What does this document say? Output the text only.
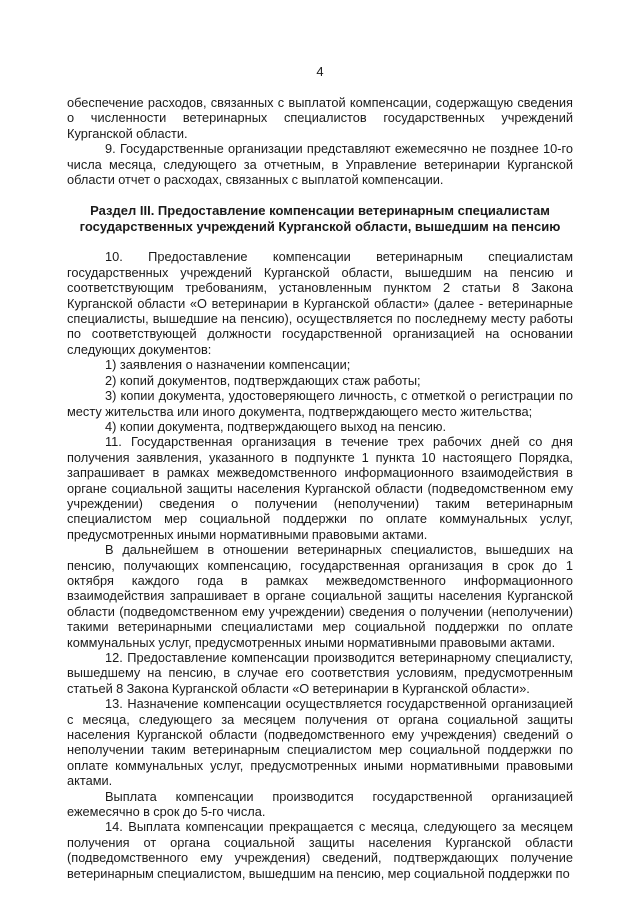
4

обеспечение расходов, связанных с выплатой компенсации, содержащую сведения о численности ветеринарных специалистов государственных учреждений Курганской области.

9. Государственные организации представляют ежемесячно не позднее 10-го числа месяца, следующего за отчетным, в Управление ветеринарии Курганской области отчет о расходах, связанных с выплатой компенсации.

Раздел III. Предоставление компенсации ветеринарным специалистам государственных учреждений Курганской области, вышедшим на пенсию

10. Предоставление компенсации ветеринарным специалистам государственных учреждений Курганской области, вышедшим на пенсию и соответствующим требованиям, установленным пунктом 2 статьи 8 Закона Курганской области «О ветеринарии в Курганской области» (далее - ветеринарные специалисты, вышедшие на пенсию), осуществляется по последнему месту работы по соответствующей должности государственной организацией на основании следующих документов:

1) заявления о назначении компенсации;

2) копий документов, подтверждающих стаж работы;

3) копии документа, удостоверяющего личность, с отметкой о регистрации по месту жительства или иного документа, подтверждающего место жительства;

4) копии документа, подтверждающего выход на пенсию.

11. Государственная организация в течение трех рабочих дней со дня получения заявления, указанного в подпункте 1 пункта 10 настоящего Порядка, запрашивает в рамках межведомственного информационного взаимодействия в органе социальной защиты населения Курганской области (подведомственном ему учреждении) сведения о получении (неполучении) таким ветеринарным специалистом мер социальной поддержки по оплате коммунальных услуг, предусмотренных иными нормативными правовыми актами.

В дальнейшем в отношении ветеринарных специалистов, вышедших на пенсию, получающих компенсацию, государственная организация в срок до 1 октября каждого года в рамках межведомственного информационного взаимодействия запрашивает в органе социальной защиты населения Курганской области (подведомственном ему учреждении) сведения о получении (неполучении) такими ветеринарными специалистами мер социальной поддержки по оплате коммунальных услуг, предусмотренных иными нормативными правовыми актами.

12. Предоставление компенсации производится ветеринарному специалисту, вышедшему на пенсию, в случае его соответствия условиям, предусмотренным статьей 8 Закона Курганской области «О ветеринарии в Курганской области».

13. Назначение компенсации осуществляется государственной организацией с месяца, следующего за месяцем получения от органа социальной защиты населения Курганской области (подведомственного ему учреждения) сведений о неполучении таким ветеринарным специалистом мер социальной поддержки по оплате коммунальных услуг, предусмотренных иными нормативными правовыми актами.

Выплата компенсации производится государственной организацией ежемесячно в срок до 5-го числа.

14. Выплата компенсации прекращается с месяца, следующего за месяцем получения от органа социальной защиты населения Курганской области (подведомственного ему учреждения) сведений, подтверждающих получение ветеринарным специалистом, вышедшим на пенсию, мер социальной поддержки по
